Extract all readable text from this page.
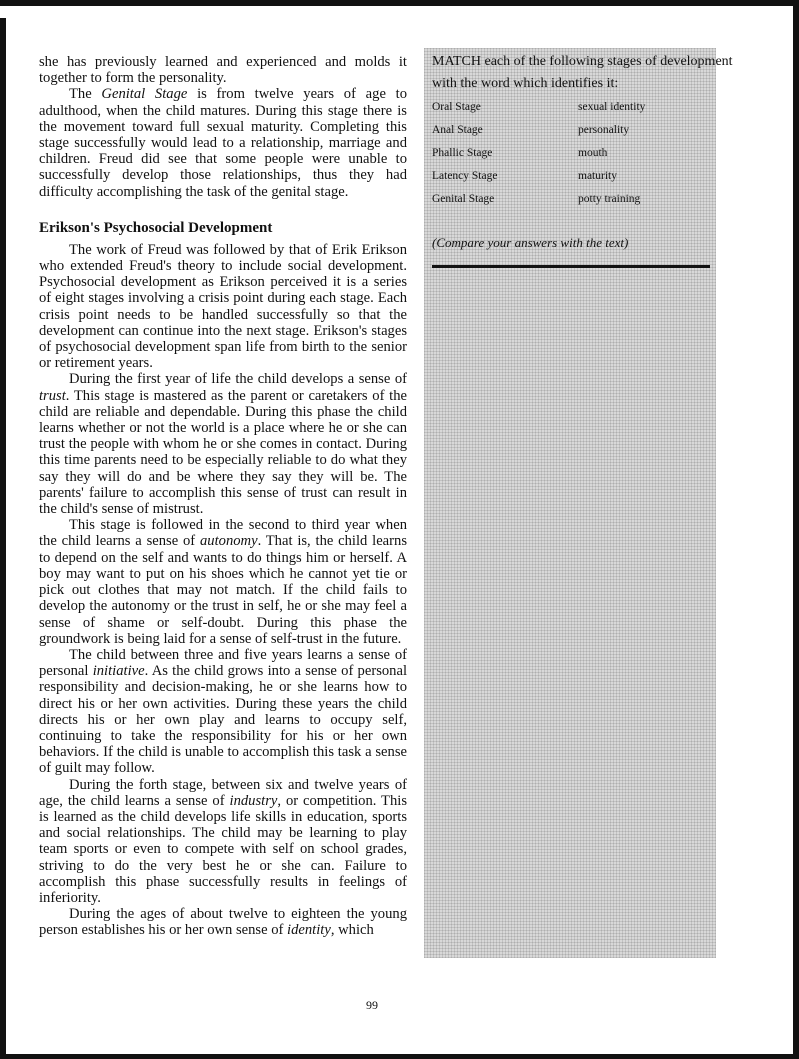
she has previously learned and experienced and molds it together to form the personality.

The Genital Stage is from twelve years of age to adulthood, when the child matures. During this stage there is the movement toward full sexual maturity. Completing this stage successfully would lead to a relationship, marriage and children. Freud did see that some people were unable to successfully develop those relationships, thus they had difficulty accomplishing the task of the genital stage.

Erikson's Psychosocial Development

The work of Freud was followed by that of Erik Erikson who extended Freud's theory to include social development. Psychosocial development as Erikson perceived it is a series of eight stages involving a crisis point during each stage. Each crisis point needs to be handled successfully so that the development can continue into the next stage. Erikson's stages of psychosocial development span life from birth to the senior or retirement years.

During the first year of life the child develops a sense of trust. This stage is mastered as the parent or caretakers of the child are reliable and dependable. During this phase the child learns whether or not the world is a place where he or she can trust the people with whom he or she comes in contact. During this time parents need to be especially reliable to do what they say they will do and be where they say they will be. The parents' failure to accomplish this sense of trust can result in the child's sense of mistrust.

This stage is followed in the second to third year when the child learns a sense of autonomy. That is, the child learns to depend on the self and wants to do things him or herself. A boy may want to put on his shoes which he cannot yet tie or pick out clothes that may not match. If the child fails to develop the autonomy or the trust in self, he or she may feel a sense of shame or self-doubt. During this phase the groundwork is being laid for a sense of self-trust in the future.

The child between three and five years learns a sense of personal initiative. As the child grows into a sense of personal responsibility and decision-making, he or she learns how to direct his or her own activities. During these years the child directs his or her own play and learns to occupy self, continuing to take the responsibility for his or her own behaviors. If the child is unable to accomplish this task a sense of guilt may follow.

During the forth stage, between six and twelve years of age, the child learns a sense of industry, or competition. This is learned as the child develops life skills in education, sports and social relationships. The child may be learning to play team sports or even to compete with self on school grades, striving to do the very best he or she can. Failure to accomplish this phase successfully results in feelings of inferiority.

During the ages of about twelve to eighteen the young person establishes his or her own sense of identity, which

MATCH each of the following stages of development
with the word which identifies it:
Oral Stage	sexual identity
Anal Stage	personality
Phallic Stage	mouth
Latency Stage	maturity
Genital Stage	potty training
(Compare your answers with the text)
99
